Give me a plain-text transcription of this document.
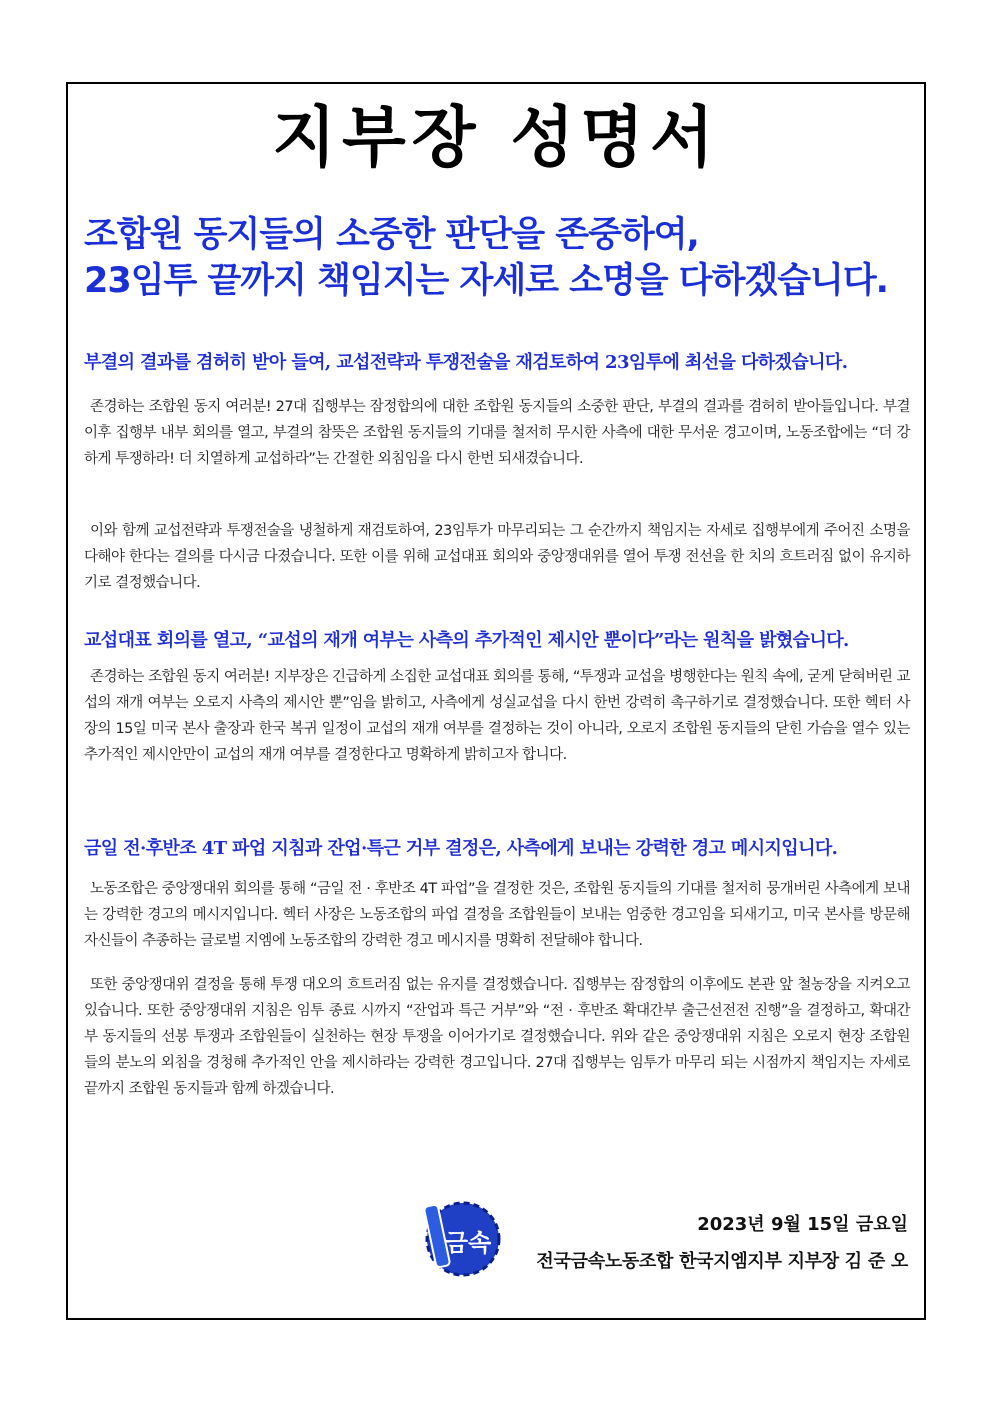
지부장 성명서
조합원 동지들의 소중한 판단을 존중하여,
23임투 끝까지 책임지는 자세로 소명을 다하겠습니다.
부결의 결과를 겸허히 받아 들여, 교섭전략과 투쟁전술을 재검토하여 23임투에 최선을 다하겠습니다.
존경하는 조합원 동지 여러분! 27대 집행부는 잠정합의에 대한 조합원 동지들의 소중한 판단, 부결의 결과를 겸허히 받아들입니다. 부결 이후 집행부 내부 회의를 열고, 부결의 참뜻은 조합원 동지들의 기대를 철저히 무시한 사측에 대한 무서운 경고이며, 노동조합에는 “더 강하게 투쟁하라! 더 치열하게 교섭하라”는 간절한 외침임을 다시 한번 되새겼습니다.
이와 함께 교섭전략과 투쟁전술을 냉철하게 재검토하여, 23임투가 마무리되는 그 순간까지 책임지는 자세로 집행부에게 주어진 소명을 다해야 한다는 결의를 다시금 다졌습니다. 또한 이를 위해 교섭대표 회의와 중앙쟁대위를 열어 투쟁 전선을 한 치의 흐트러짐 없이 유지하기로 결정했습니다.
교섭대표 회의를 열고, “교섭의 재개 여부는 사측의 추가적인 제시안 뿐이다”라는 원칙을 밝혔습니다.
존경하는 조합원 동지 여러분! 지부장은 긴급하게 소집한 교섭대표 회의를 통해, “투쟁과 교섭을 병행한다는 원칙 속에, 굳게 닫혀버린 교섭의 재개 여부는 오로지 사측의 제시안 뿐”임을 밝히고, 사측에게 성실교섭을 다시 한번 강력히 촉구하기로 결정했습니다. 또한 헥터 사장의 15일 미국 본사 출장과 한국 복귀 일정이 교섭의 재개 여부를 결정하는 것이 아니라, 오로지 조합원 동지들의 닫힌 가슴을 열수 있는 추가적인 제시안만이 교섭의 재개 여부를 결정한다고 명확하게 밝히고자 합니다.
금일 전·후반조 4T 파업 지침과 잔업·특근 거부 결정은, 사측에게 보내는 강력한 경고 메시지입니다.
노동조합은 중앙쟁대위 회의를 통해 “금일 전 · 후반조 4T 파업”을 결정한 것은, 조합원 동지들의 기대를 철저히 뭉개버린 사측에게 보내는 강력한 경고의 메시지입니다. 헥터 사장은 노동조합의 파업 결정을 조합원들이 보내는 엄중한 경고임을 되새기고, 미국 본사를 방문해 자신들이 추종하는 글로벌 지엠에 노동조합의 강력한 경고 메시지를 명확히 전달해야 합니다.
또한 중앙쟁대위 결정을 통해 투쟁 대오의 흐트러짐 없는 유지를 결정했습니다. 집행부는 잠정합의 이후에도 본관 앞 철농장을 지켜오고 있습니다. 또한 중앙쟁대위 지침은 임투 종료 시까지 “잔업과 특근 거부”와 “전 · 후반조 확대간부 출근선전전 진행”을 결정하고, 확대간부 동지들의 선봉 투쟁과 조합원들이 실천하는 현장 투쟁을 이어가기로 결정했습니다. 위와 같은 중앙쟁대위 지침은 오로지 현장 조합원들의 분노의 외침을 경청해 추가적인 안을 제시하라는 강력한 경고입니다. 27대 집행부는 임투가 마무리 되는 시점까지 책임지는 자세로 끝까지 조합원 동지들과 함께 하겠습니다.
금속
2023년 9월 15일 금요일
전국금속노동조합 한국지엠지부 지부장 김 준 오
